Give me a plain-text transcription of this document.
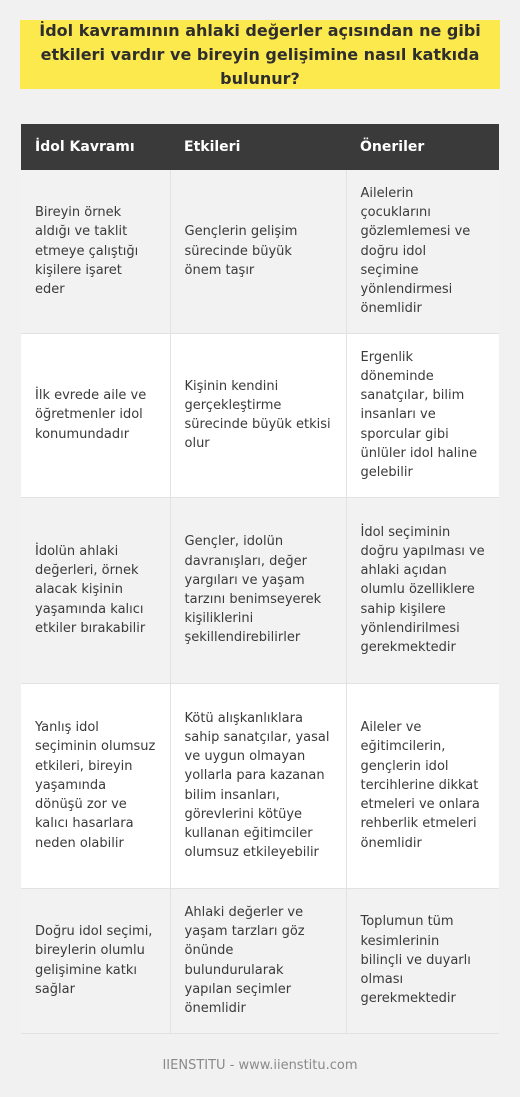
İdol kavramının ahlaki değerler açısından ne gibi etkileri vardır ve bireyin gelişimine nasıl katkıda bulunur?
İdol Kavramı	Etkileri	Öneriler
Bireyin örnek aldığı ve taklit etmeye çalıştığı kişilere işaret eder	Gençlerin gelişim sürecinde büyük önem taşır	Ailelerin çocuklarını gözlemlemesi ve doğru idol seçimine yönlendirmesi önemlidir
İlk evrede aile ve öğretmenler idol konumundadır	Kişinin kendini gerçekleştirme sürecinde büyük etkisi olur	Ergenlik döneminde sanatçılar, bilim insanları ve sporcular gibi ünlüler idol haline gelebilir
İdolün ahlaki değerleri, örnek alacak kişinin yaşamında kalıcı etkiler bırakabilir	Gençler, idolün davranışları, değer yargıları ve yaşam tarzını benimseyerek kişiliklerini şekillendirebilirler	İdol seçiminin doğru yapılması ve ahlaki açıdan olumlu özelliklere sahip kişilere yönlendirilmesi gerekmektedir
Yanlış idol seçiminin olumsuz etkileri, bireyin yaşamında dönüşü zor ve kalıcı hasarlara neden olabilir	Kötü alışkanlıklara sahip sanatçılar, yasal ve uygun olmayan yollarla para kazanan bilim insanları, görevlerini kötüye kullanan eğitimciler olumsuz etkileyebilir	Aileler ve eğitimcilerin, gençlerin idol tercihlerine dikkat etmeleri ve onlara rehberlik etmeleri önemlidir
Doğru idol seçimi, bireylerin olumlu gelişimine katkı sağlar	Ahlaki değerler ve yaşam tarzları göz önünde bulundurularak yapılan seçimler önemlidir	Toplumun tüm kesimlerinin bilinçli ve duyarlı olması gerekmektedir
IIENSTITU - www.iienstitu.com
